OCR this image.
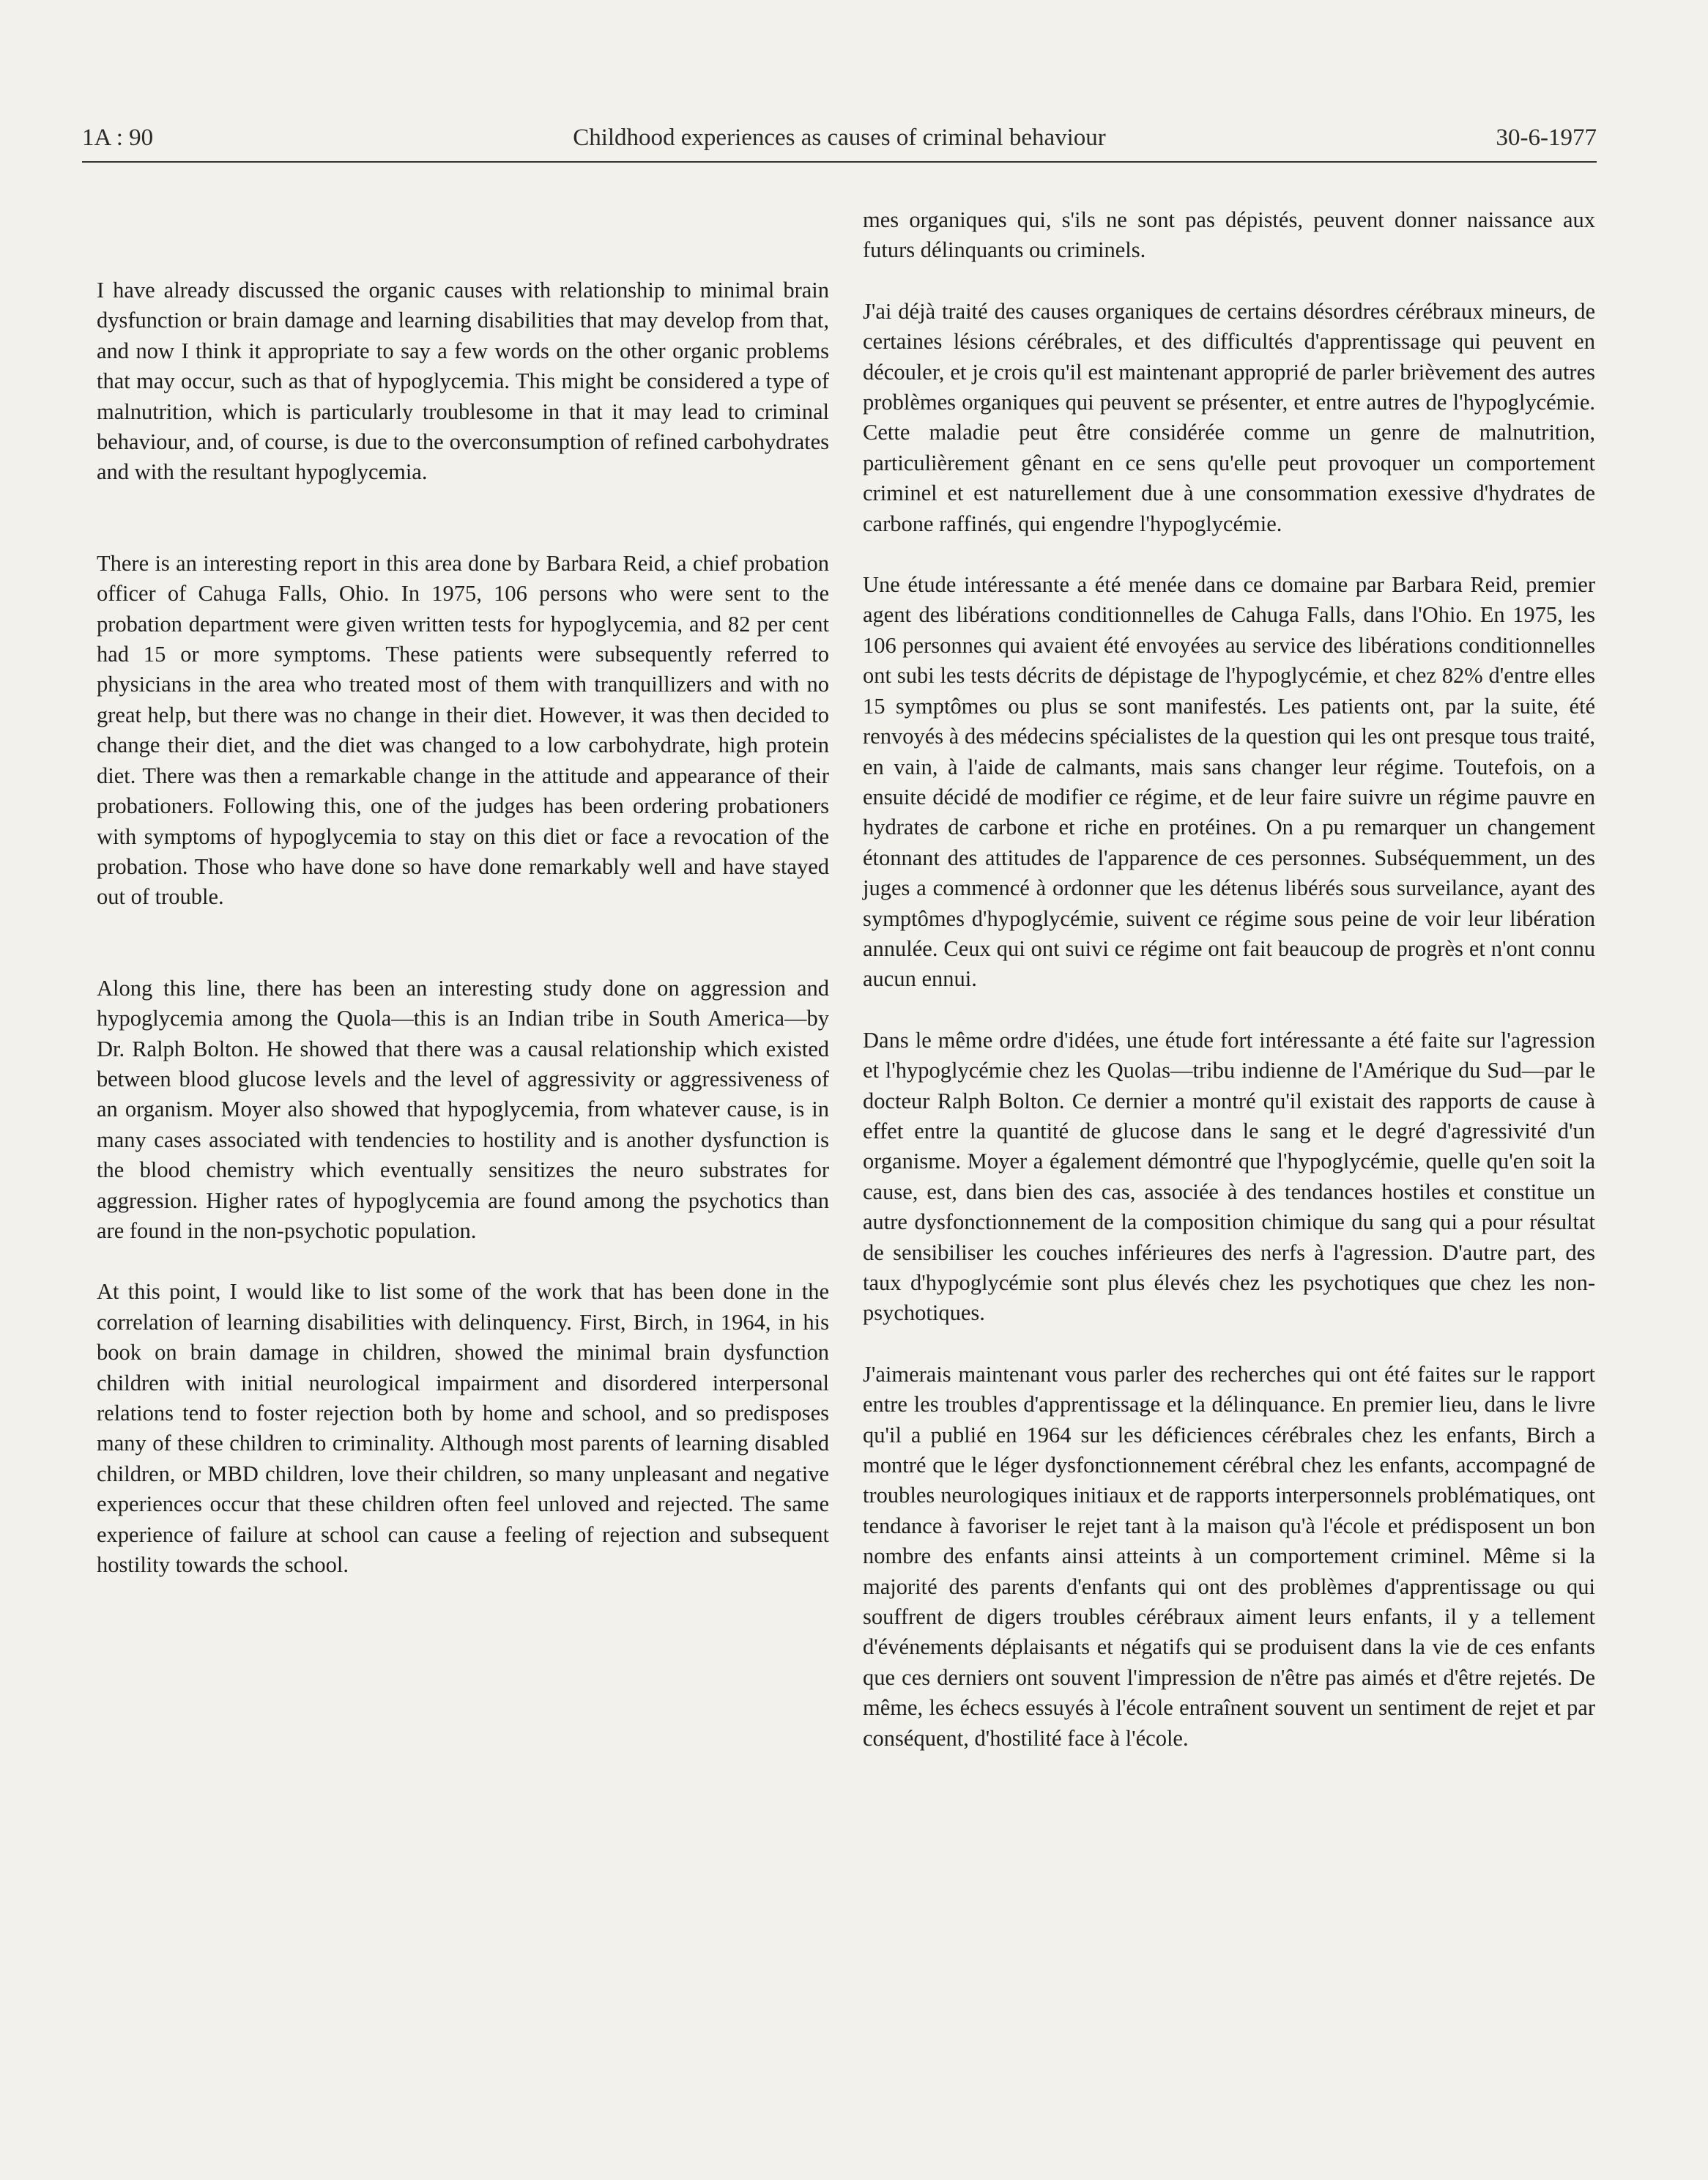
1A : 90	Childhood experiences as causes of criminal behaviour	30-6-1977

I have already discussed the organic causes with relationship to minimal brain dysfunction or brain damage and learning disabilities that may develop from that, and now I think it appropriate to say a few words on the other organic problems that may occur, such as that of hypoglycemia. This might be considered a type of malnutrition, which is particularly troublesome in that it may lead to criminal behaviour, and, of course, is due to the overconsumption of refined carbohydrates and with the resultant hypoglycemia.

There is an interesting report in this area done by Barbara Reid, a chief probation officer of Cahuga Falls, Ohio. In 1975, 106 persons who were sent to the probation department were given written tests for hypoglycemia, and 82 per cent had 15 or more symptoms. These patients were subsequently referred to physicians in the area who treated most of them with tranquillizers and with no great help, but there was no change in their diet. However, it was then decided to change their diet, and the diet was changed to a low carbohydrate, high protein diet. There was then a remarkable change in the attitude and appearance of their probationers. Following this, one of the judges has been ordering probationers with symptoms of hypoglycemia to stay on this diet or face a revocation of the probation. Those who have done so have done remarkably well and have stayed out of trouble.

Along this line, there has been an interesting study done on aggression and hypoglycemia among the Quola—this is an Indian tribe in South America—by Dr. Ralph Bolton. He showed that there was a causal relationship which existed between blood glucose levels and the level of aggressivity or aggressiveness of an organism. Moyer also showed that hypoglycemia, from whatever cause, is in many cases associated with tendencies to hostility and is another dysfunction is the blood chemistry which eventually sensitizes the neuro substrates for aggression. Higher rates of hypoglycemia are found among the psychotics than are found in the non-psychotic population.

At this point, I would like to list some of the work that has been done in the correlation of learning disabilities with delinquency. First, Birch, in 1964, in his book on brain damage in children, showed the minimal brain dysfunction children with initial neurological impairment and disordered interpersonal relations tend to foster rejection both by home and school, and so predisposes many of these children to criminality. Although most parents of learning disabled children, or MBD children, love their children, so many unpleasant and negative experiences occur that these children often feel unloved and rejected. The same experience of failure at school can cause a feeling of rejection and subsequent hostility towards the school.

mes organiques qui, s'ils ne sont pas dépistés, peuvent donner naissance aux futurs délinquants ou criminels.

J'ai déjà traité des causes organiques de certains désordres cérébraux mineurs, de certaines lésions cérébrales, et des difficultés d'apprentissage qui peuvent en découler, et je crois qu'il est maintenant approprié de parler brièvement des autres problèmes organiques qui peuvent se présenter, et entre autres de l'hypoglycémie. Cette maladie peut être considérée comme un genre de malnutrition, particulièrement gênant en ce sens qu'elle peut provoquer un comportement criminel et est naturellement due à une consommation exessive d'hydrates de carbone raffinés, qui engendre l'hypoglycémie.

Une étude intéressante a été menée dans ce domaine par Barbara Reid, premier agent des libérations conditionnelles de Cahuga Falls, dans l'Ohio. En 1975, les 106 personnes qui avaient été envoyées au service des libérations conditionnelles ont subi les tests décrits de dépistage de l'hypoglycémie, et chez 82% d'entre elles 15 symptômes ou plus se sont manifestés. Les patients ont, par la suite, été renvoyés à des médecins spécialistes de la question qui les ont presque tous traité, en vain, à l'aide de calmants, mais sans changer leur régime. Toutefois, on a ensuite décidé de modifier ce régime, et de leur faire suivre un régime pauvre en hydrates de carbone et riche en protéines. On a pu remarquer un changement étonnant des attitudes de l'apparence de ces personnes. Subséquemment, un des juges a commencé à ordonner que les détenus libérés sous surveilance, ayant des symptômes d'hypoglycémie, suivent ce régime sous peine de voir leur libération annulée. Ceux qui ont suivi ce régime ont fait beaucoup de progrès et n'ont connu aucun ennui.

Dans le même ordre d'idées, une étude fort intéressante a été faite sur l'agression et l'hypoglycémie chez les Quolas—tribu indienne de l'Amérique du Sud—par le docteur Ralph Bolton. Ce dernier a montré qu'il existait des rapports de cause à effet entre la quantité de glucose dans le sang et le degré d'agressivité d'un organisme. Moyer a également démontré que l'hypoglycémie, quelle qu'en soit la cause, est, dans bien des cas, associée à des tendances hostiles et constitue un autre dysfonctionnement de la composition chimique du sang qui a pour résultat de sensibiliser les couches inférieures des nerfs à l'agression. D'autre part, des taux d'hypoglycémie sont plus élevés chez les psychotiques que chez les non-psychotiques.

J'aimerais maintenant vous parler des recherches qui ont été faites sur le rapport entre les troubles d'apprentissage et la délinquance. En premier lieu, dans le livre qu'il a publié en 1964 sur les déficiences cérébrales chez les enfants, Birch a montré que le léger dysfonctionnement cérébral chez les enfants, accompagné de troubles neurologiques initiaux et de rapports interpersonnels problématiques, ont tendance à favoriser le rejet tant à la maison qu'à l'école et prédisposent un bon nombre des enfants ainsi atteints à un comportement criminel. Même si la majorité des parents d'enfants qui ont des problèmes d'apprentissage ou qui souffrent de digers troubles cérébraux aiment leurs enfants, il y a tellement d'événements déplaisants et négatifs qui se produisent dans la vie de ces enfants que ces derniers ont souvent l'impression de n'être pas aimés et d'être rejetés. De même, les échecs essuyés à l'école entraînent souvent un sentiment de rejet et par conséquent, d'hostilité face à l'école.
